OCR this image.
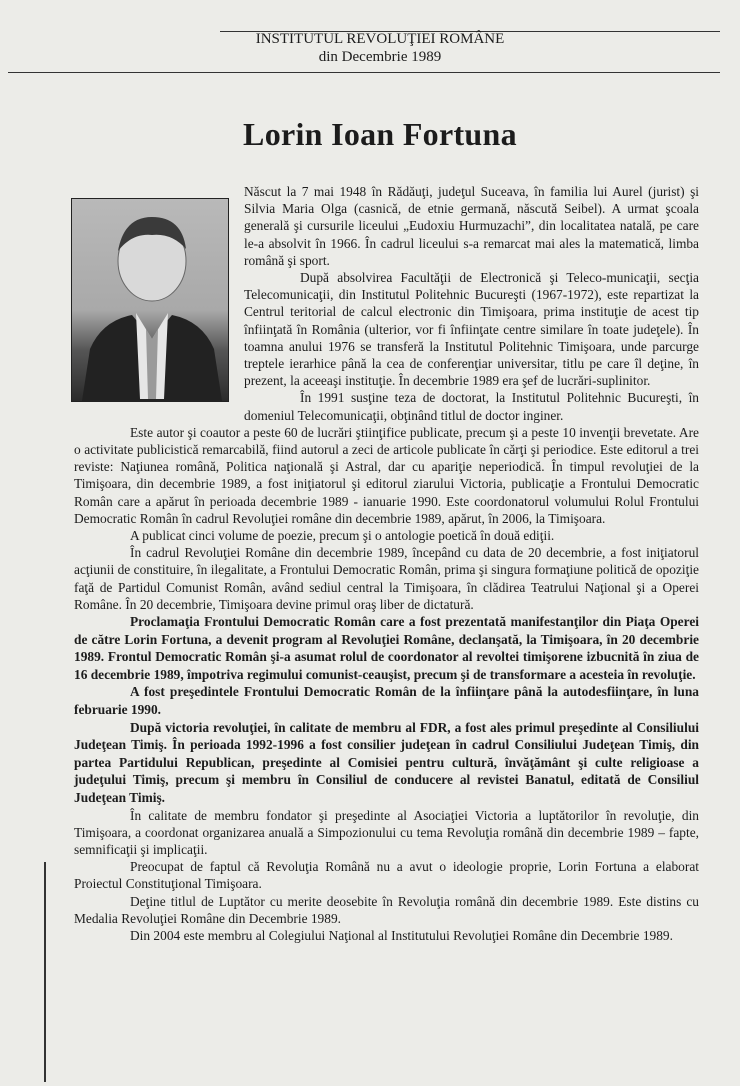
INSTITUTUL REVOLUŢIEI ROMÂNE
din Decembrie 1989
Lorin Ioan Fortuna

Născut la 7 mai 1948 în Rădăuţi, judeţul Suceava, în familia lui Aurel (jurist) şi Silvia Maria Olga (casnică, de etnie germană, născută Seibel). A urmat şcoala generală şi cursurile liceului „Eudoxiu Hurmuzachi”, din localitatea natală, pe care le-a absolvit în 1966. În cadrul liceului s-a remarcat mai ales la matematică, limba română şi sport.

După absolvirea Facultăţii de Electronică şi Teleco-municaţii, secţia Telecomunicaţii, din Institutul Politehnic Bucureşti (1967-1972), este repartizat la Centrul teritorial de calcul electronic din Timişoara, prima instituţie de acest tip înfiinţată în România (ulterior, vor fi înfiinţate centre similare în toate judeţele). În toamna anului 1976 se transferă la Institutul Politehnic Timişoara, unde parcurge treptele ierarhice până la cea de conferenţiar universitar, titlu pe care îl deţine, în prezent, la aceeaşi instituţie. În decembrie 1989 era şef de lucrări-suplinitor.

În 1991 susţine teza de doctorat, la Institutul Politehnic Bucureşti, în domeniul Telecomunicaţii, obţinând titlul de doctor inginer.

Este autor şi coautor a peste 60 de lucrări ştiinţifice publicate, precum şi a peste 10 invenţii brevetate. Are o activitate publicistică remarcabilă, fiind autorul a zeci de articole publicate în cărţi şi periodice. Este editorul a trei reviste: Naţiunea română, Politica naţională şi Astral, dar cu apariţie neperiodică. În timpul revoluţiei de la Timişoara, din decembrie 1989, a fost iniţiatorul şi editorul ziarului Victoria, publicaţie a Frontului Democratic Român care a apărut în perioada decembrie 1989 - ianuarie 1990. Este coordonatorul volumului Rolul Frontului Democratic Român în cadrul Revoluţiei române din decembrie 1989, apărut, în 2006, la Timişoara.

A publicat cinci volume de poezie, precum şi o antologie poetică în două ediţii.

În cadrul Revoluţiei Române din decembrie 1989, începând cu data de 20 decembrie, a fost iniţiatorul acţiunii de constituire, în ilegalitate, a Frontului Democratic Român, prima şi singura formaţiune politică de opoziţie faţă de Partidul Comunist Român, având sediul central la Timişoara, în clădirea Teatrului Naţional şi a Operei Române. În 20 decembrie, Timişoara devine primul oraş liber de dictatură.

Proclamaţia Frontului Democratic Român care a fost prezentată manifestanţilor din Piaţa Operei de către Lorin Fortuna, a devenit program al Revoluţiei Române, declanşată, la Timişoara, în 20 decembrie 1989. Frontul Democratic Român şi-a asumat rolul de coordonator al revoltei timişorene izbucnită în ziua de 16 decembrie 1989, împotriva regimului comunist-ceauşist, precum şi de transformare a acesteia în revoluţie.

A fost preşedintele Frontului Democratic Român de la înfiinţare până la autodesfiinţare, în luna februarie 1990.

După victoria revoluţiei, în calitate de membru al FDR, a fost ales primul preşedinte al Consiliului Judeţean Timiş. În perioada 1992-1996 a fost consilier judeţean în cadrul Consiliului Judeţean Timiş, din partea Partidului Republican, preşedinte al Comisiei pentru cultură, învăţământ şi culte religioase a judeţului Timiş, precum şi membru în Consiliul de conducere al revistei Banatul, editată de Consiliul Judeţean Timiş.

În calitate de membru fondator şi preşedinte al Asociaţiei Victoria a luptătorilor în revoluţie, din Timişoara, a coordonat organizarea anuală a Simpozionului cu tema Revoluţia română din decembrie 1989 – fapte, semnificaţii şi implicaţii.

Preocupat de faptul că Revoluţia Română nu a avut o ideologie proprie, Lorin Fortuna a elaborat Proiectul Constituţional Timişoara.

Deţine titlul de Luptător cu merite deosebite în Revoluţia română din decembrie 1989. Este distins cu Medalia Revoluţiei Române din Decembrie 1989.

Din 2004 este membru al Colegiului Naţional al Institutului Revoluţiei Române din Decembrie 1989.
